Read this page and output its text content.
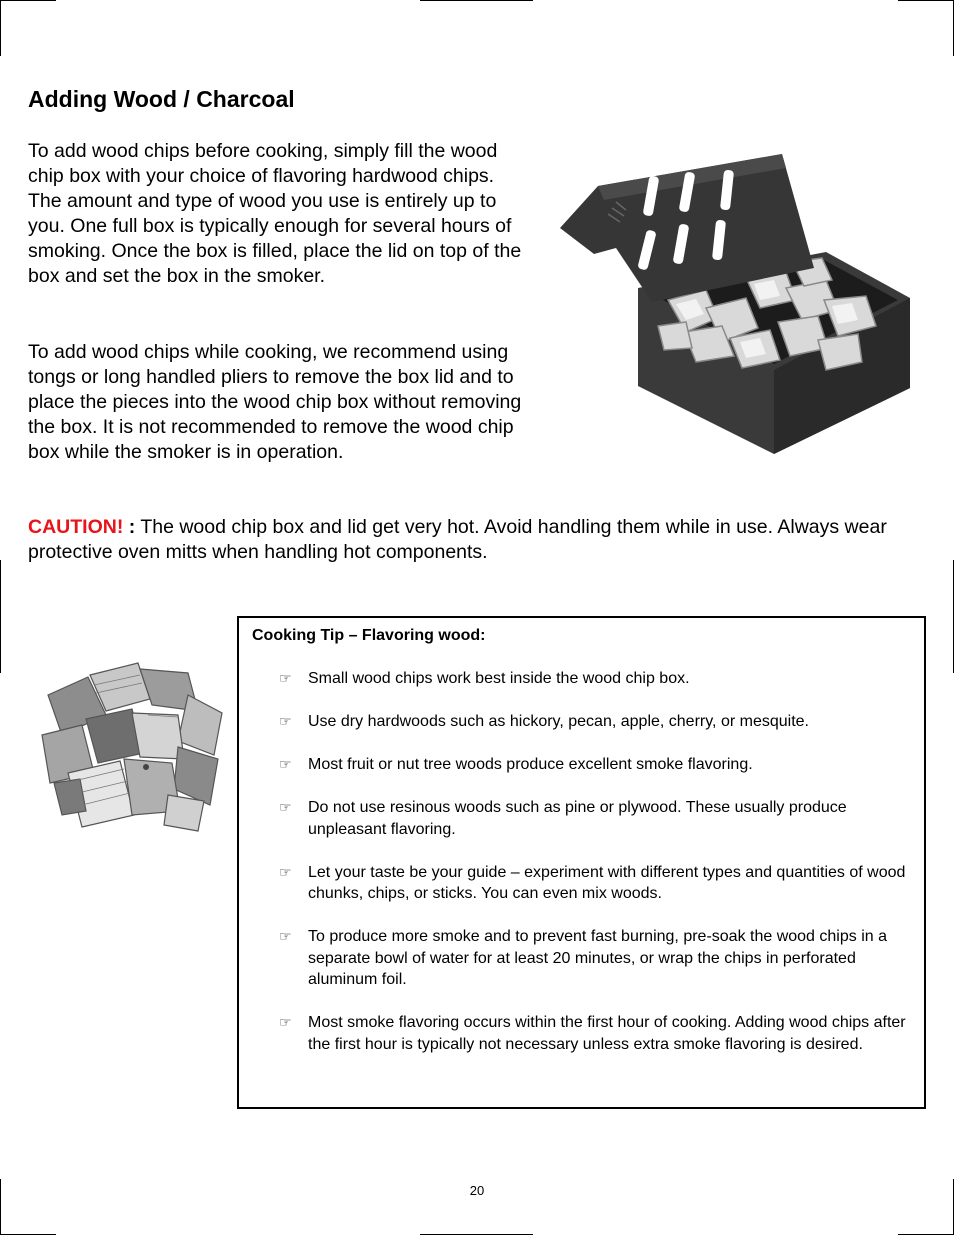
Adding Wood / Charcoal

To add wood chips before cooking, simply fill the wood chip box with your choice of flavoring hardwood chips. The amount and type of wood you use is entirely up to you. One full box is typically enough for several hours of smoking. Once the box is filled, place the lid on top of the box and set the box in the smoker.

To add wood chips while cooking, we recommend using tongs or long handled pliers to remove the box lid and to place the pieces into the wood chip box without removing the box. It is not recommended to remove the wood chip box while the smoker is in operation.

CAUTION! : The wood chip box and lid get very hot. Avoid handling them while in use. Always wear protective oven mitts when handling hot components.

Cooking Tip – Flavoring wood:

☞ Small wood chips work best inside the wood chip box.
☞ Use dry hardwoods such as hickory, pecan, apple, cherry, or mesquite.
☞ Most fruit or nut tree woods produce excellent smoke flavoring.
☞ Do not use resinous woods such as pine or plywood. These usually produce unpleasant flavoring.
☞ Let your taste be your guide – experiment with different types and quantities of wood chunks, chips, or sticks. You can even mix woods.
☞ To produce more smoke and to prevent fast burning, pre-soak the wood chips in a separate bowl of water for at least 20 minutes, or wrap the chips in perforated aluminum foil.
☞ Most smoke flavoring occurs within the first hour of cooking. Adding wood chips after the first hour is typically not necessary unless extra smoke flavoring is desired.
20
